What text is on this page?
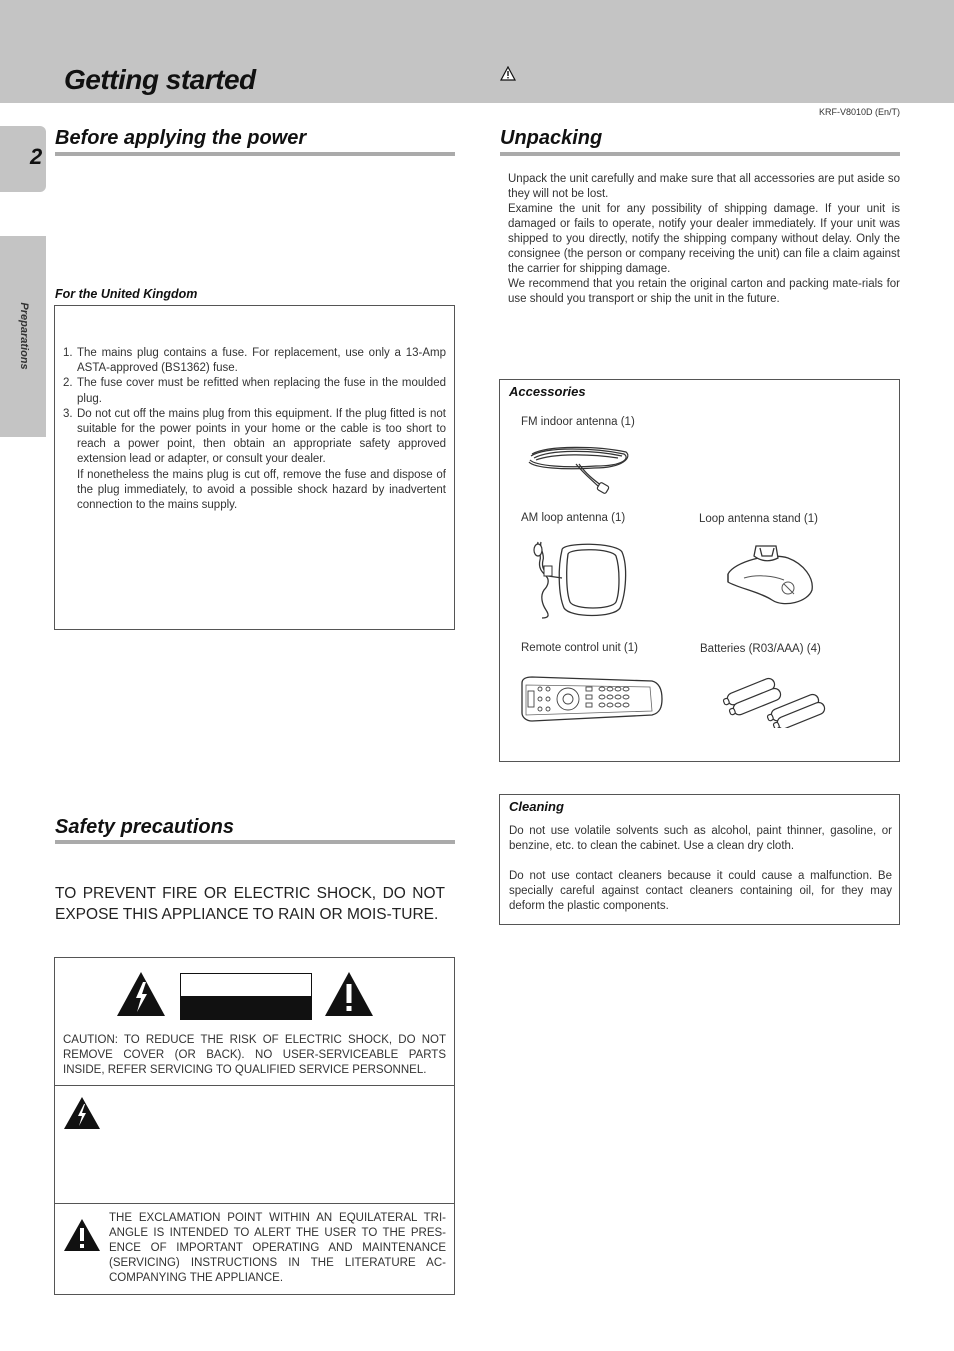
Getting started
KRF-V8010D (En/T)
2
Preparations
Before applying the power
For the United Kingdom
1. The mains plug contains a fuse. For replacement, use only a 13-Amp ASTA-approved (BS1362) fuse.
2. The fuse cover must be refitted when replacing the fuse in the moulded plug.
3. Do not cut off the mains plug from this equipment. If the plug fitted is not suitable for the power points in your home or the cable is too short to reach a power point, then obtain an appropriate safety approved extension lead or adapter, or consult your dealer.
If nonetheless the mains plug is cut off, remove the fuse and dispose of the plug immediately, to avoid a possible shock hazard by inadvertent connection to the mains supply.
Safety precautions
TO PREVENT FIRE OR ELECTRIC SHOCK, DO NOT EXPOSE THIS APPLIANCE TO RAIN OR MOIS-TURE.
CAUTION: TO REDUCE THE RISK OF ELECTRIC SHOCK, DO NOT REMOVE COVER (OR BACK). NO USER-SERVICEABLE PARTS INSIDE, REFER SERVICING TO QUALIFIED SERVICE PERSONNEL.
THE EXCLAMATION POINT WITHIN AN EQUILATERAL TRI-ANGLE IS INTENDED TO ALERT THE USER TO THE PRES-ENCE OF IMPORTANT OPERATING AND MAINTENANCE (SERVICING) INSTRUCTIONS IN THE LITERATURE AC-COMPANYING THE APPLIANCE.
Unpacking
Unpack the unit carefully and make sure that all accessories are put aside so they will not be lost.
Examine the unit for any possibility of shipping damage. If your unit is damaged or fails to operate, notify your dealer immediately. If your unit was shipped to you directly, notify the shipping company without delay. Only the consignee (the person or company receiving the unit) can file a claim against the carrier for shipping damage.
We recommend that you retain the original carton and packing mate-rials for use should you transport or ship the unit in the future.
Accessories
FM indoor antenna (1)
AM loop antenna (1)	Loop antenna stand (1)
Remote control unit (1)	Batteries (R03/AAA) (4)
Cleaning
Do not use volatile solvents such as alcohol, paint thinner, gasoline, or benzine, etc. to clean the cabinet. Use a clean dry cloth.
Do not use contact cleaners because it could cause a malfunction. Be specially careful against contact cleaners containing oil, for they may deform the plastic components.
